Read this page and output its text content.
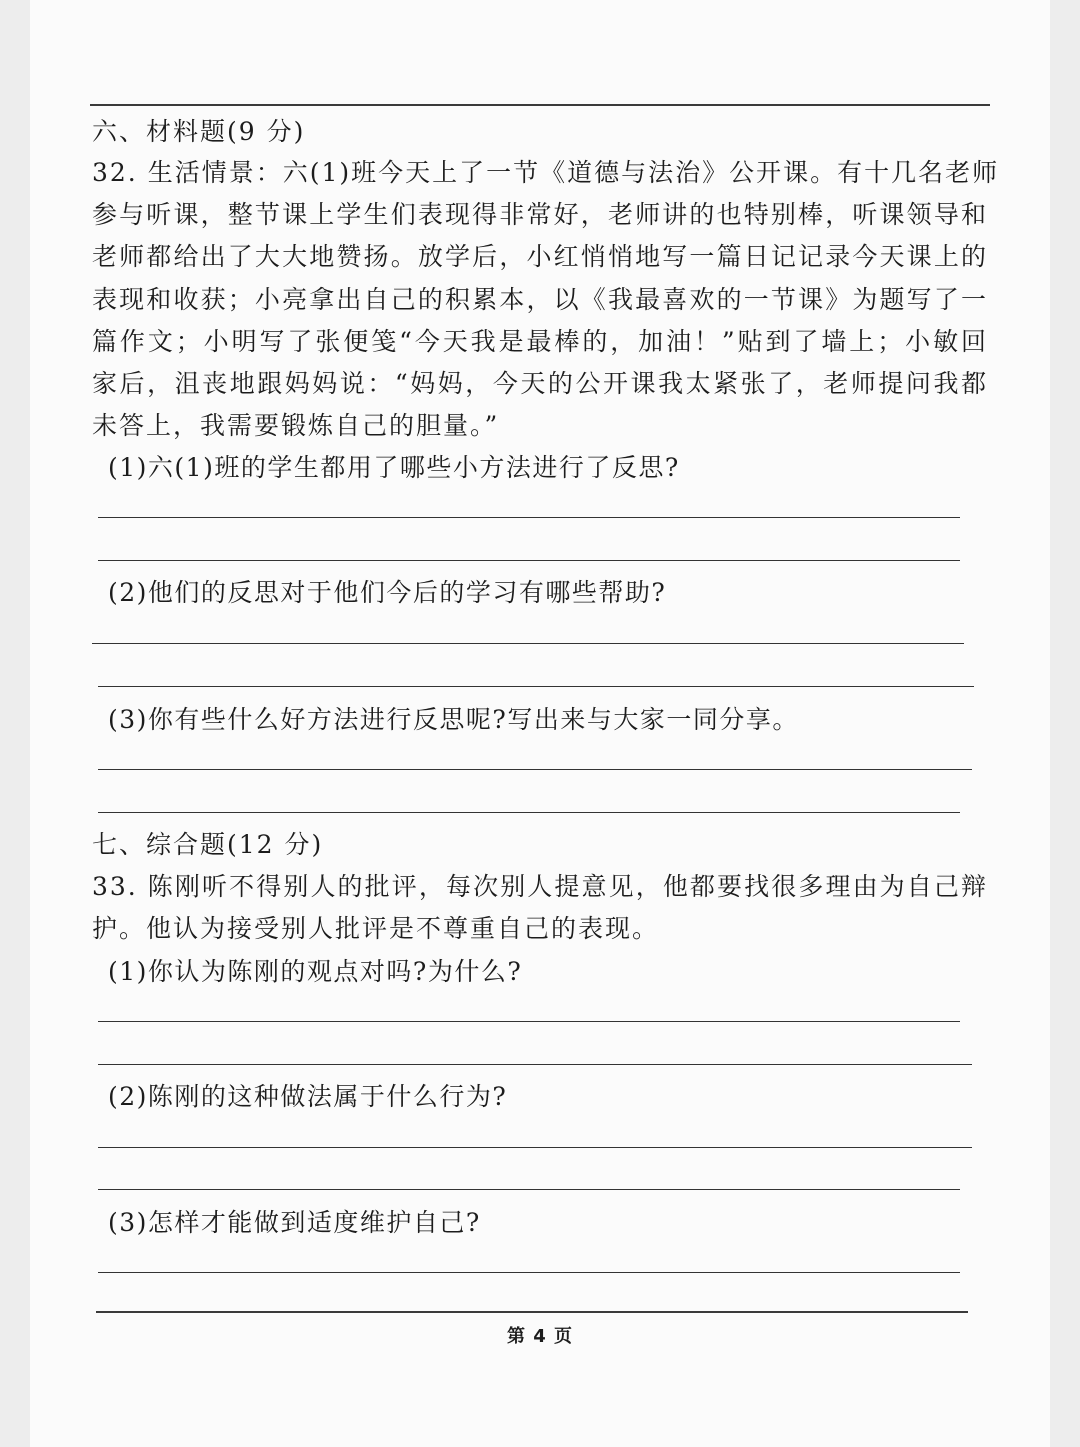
六、材料题(9 分)
32. 生活情景：六(1)班今天上了一节《道德与法治》公开课。有十几名老师
参与听课，整节课上学生们表现得非常好，老师讲的也特别棒，听课领导和
老师都给出了大大地赞扬。放学后，小红悄悄地写一篇日记记录今天课上的
表现和收获；小亮拿出自己的积累本，以《我最喜欢的一节课》为题写了一
篇作文；小明写了张便笺“今天我是最棒的，加油！”贴到了墙上；小敏回
家后，沮丧地跟妈妈说：“妈妈，今天的公开课我太紧张了，老师提问我都
未答上，我需要锻炼自己的胆量。”
(1)六(1)班的学生都用了哪些小方法进行了反思?
(2)他们的反思对于他们今后的学习有哪些帮助?
(3)你有些什么好方法进行反思呢?写出来与大家一同分享。
七、综合题(12 分)
33. 陈刚听不得别人的批评，每次别人提意见，他都要找很多理由为自己辩
护。他认为接受别人批评是不尊重自己的表现。
(1)你认为陈刚的观点对吗?为什么?
(2)陈刚的这种做法属于什么行为?
(3)怎样才能做到适度维护自己?
第 4 页
